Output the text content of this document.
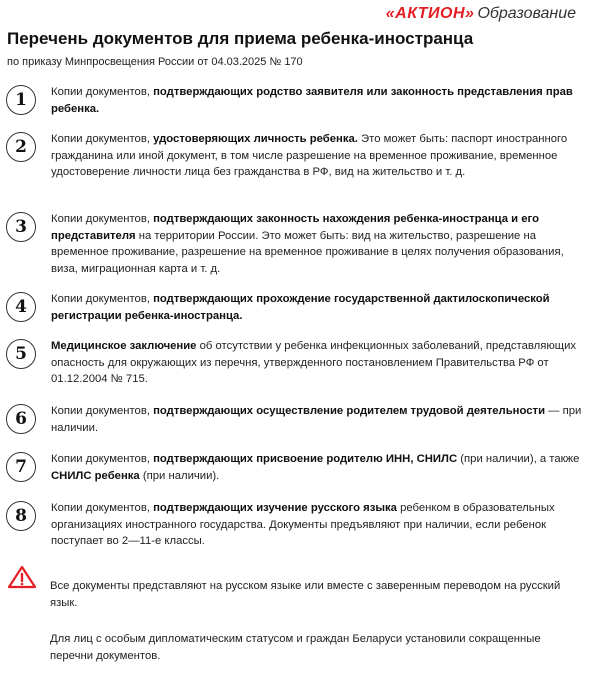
«АКТИОН» Образование
Перечень документов для приема ребенка-иностранца
по приказу Минпросвещения России от 04.03.2025 № 170
1	Копии документов, подтверждающих родство заявителя или законность представления прав ребенка.
2	Копии документов, удостоверяющих личность ребенка. Это может быть: паспорт иностранного гражданина или иной документ, в том числе разрешение на временное проживание, временное удостоверение личности лица без гражданства в РФ, вид на жительство и т. д.
3	Копии документов, подтверждающих законность нахождения ребенка-иностранца и его представителя на территории России. Это может быть: вид на жительство, разрешение на временное проживание, разрешение на временное проживание в целях получения образования, виза, миграционная карта и т. д.
4	Копии документов, подтверждающих прохождение государственной дактилоскопической регистрации ребенка-иностранца.
5	Медицинское заключение об отсутствии у ребенка инфекционных заболеваний, представляющих опасность для окружающих из перечня, утвержденного постановлением Правительства РФ от 01.12.2004 № 715.
6	Копии документов, подтверждающих осуществление родителем трудовой деятельности — при наличии.
7	Копии документов, подтверждающих присвоение родителю ИНН, СНИЛС (при наличии), а также СНИЛС ребенка (при наличии).
8	Копии документов, подтверждающих изучение русского языка ребенком в образовательных организациях иностранного государства. Документы предъявляют при наличии, если ребенок поступает во 2—11-е классы.
Все документы представляют на русском языке или вместе с заверенным переводом на русский язык.
Для лиц с особым дипломатическим статусом и граждан Беларуси установили сокращенные перечни документов.
